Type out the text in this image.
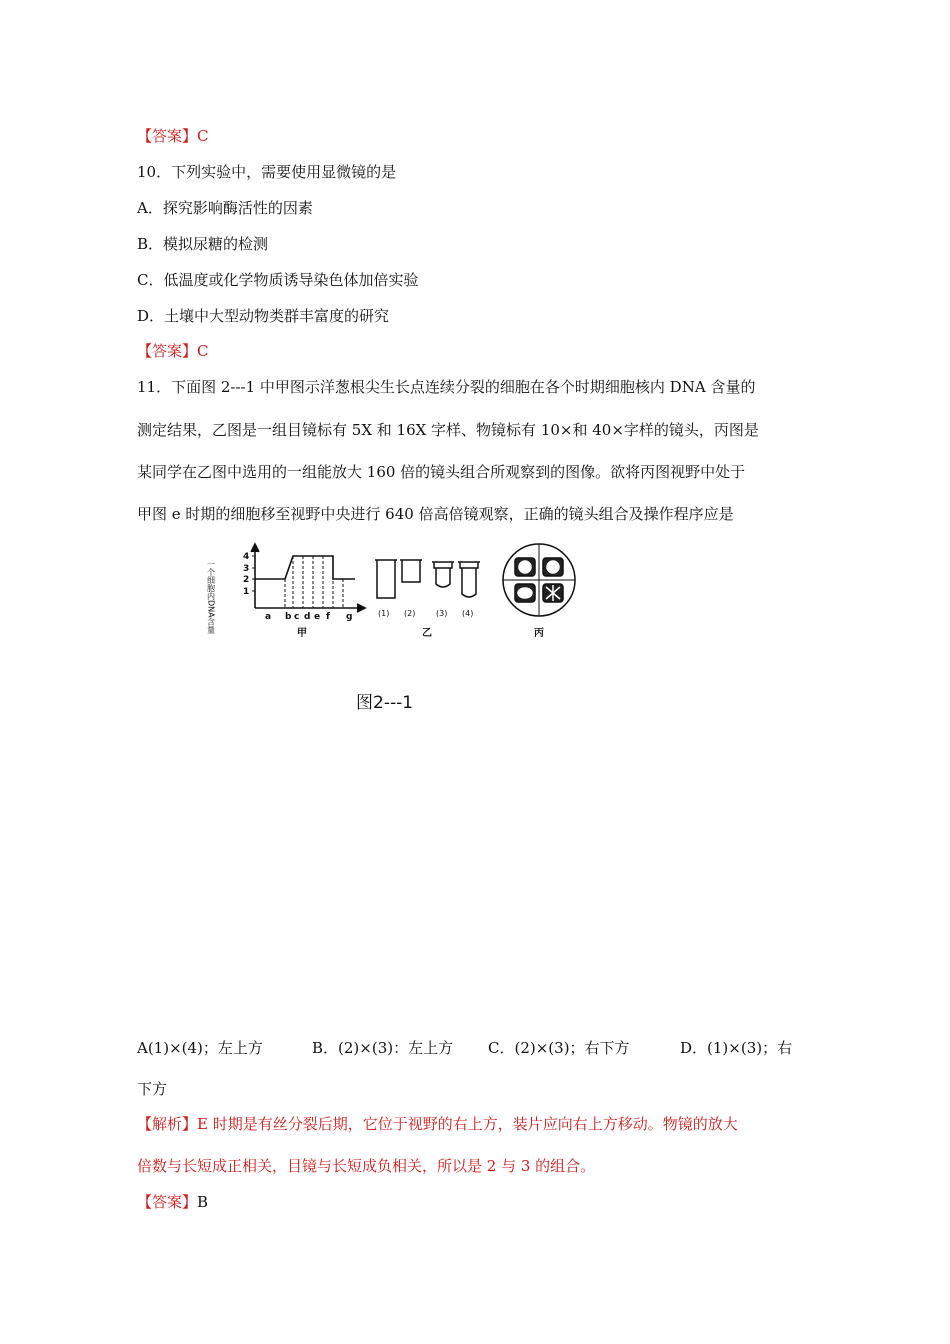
【答案】C
10．下列实验中，需要使用显微镜的是
A．探究影响酶活性的因素
B．模拟尿糖的检测
C．低温度或化学物质诱导染色体加倍实验
D．土壤中大型动物类群丰富度的研究
【答案】C
11．下面图 2---1 中甲图示洋葱根尖生长点连续分裂的细胞在各个时期细胞核内 DNA 含量的
测定结果，乙图是一组目镜标有 5X 和 16X 字样、物镜标有 10×和 40×字样的镜头，丙图是
某同学在乙图中选用的一组能放大 160 倍的镜头组合所观察到的图像。欲将丙图视野中处于
甲图 e 时期的细胞移至视野中央进行 640 倍高倍镜观察，正确的镜头组合及操作程序应是
一个细胞内DNA含量
4
3
2
1
a b c d e f g
甲
(1) (2)	(3) (4)
乙	丙
图2---1
A(1)×(4)；左上方	B．(2)×(3)：左上方 C．(2)×(3)；右下方	D．(1)×(3)；右
下方
【解析】E 时期是有丝分裂后期，它位于视野的右上方，装片应向右上方移动。物镜的放大
倍数与长短成正相关，目镜与长短成负相关，所以是 2 与 3 的组合。
【答案】B
